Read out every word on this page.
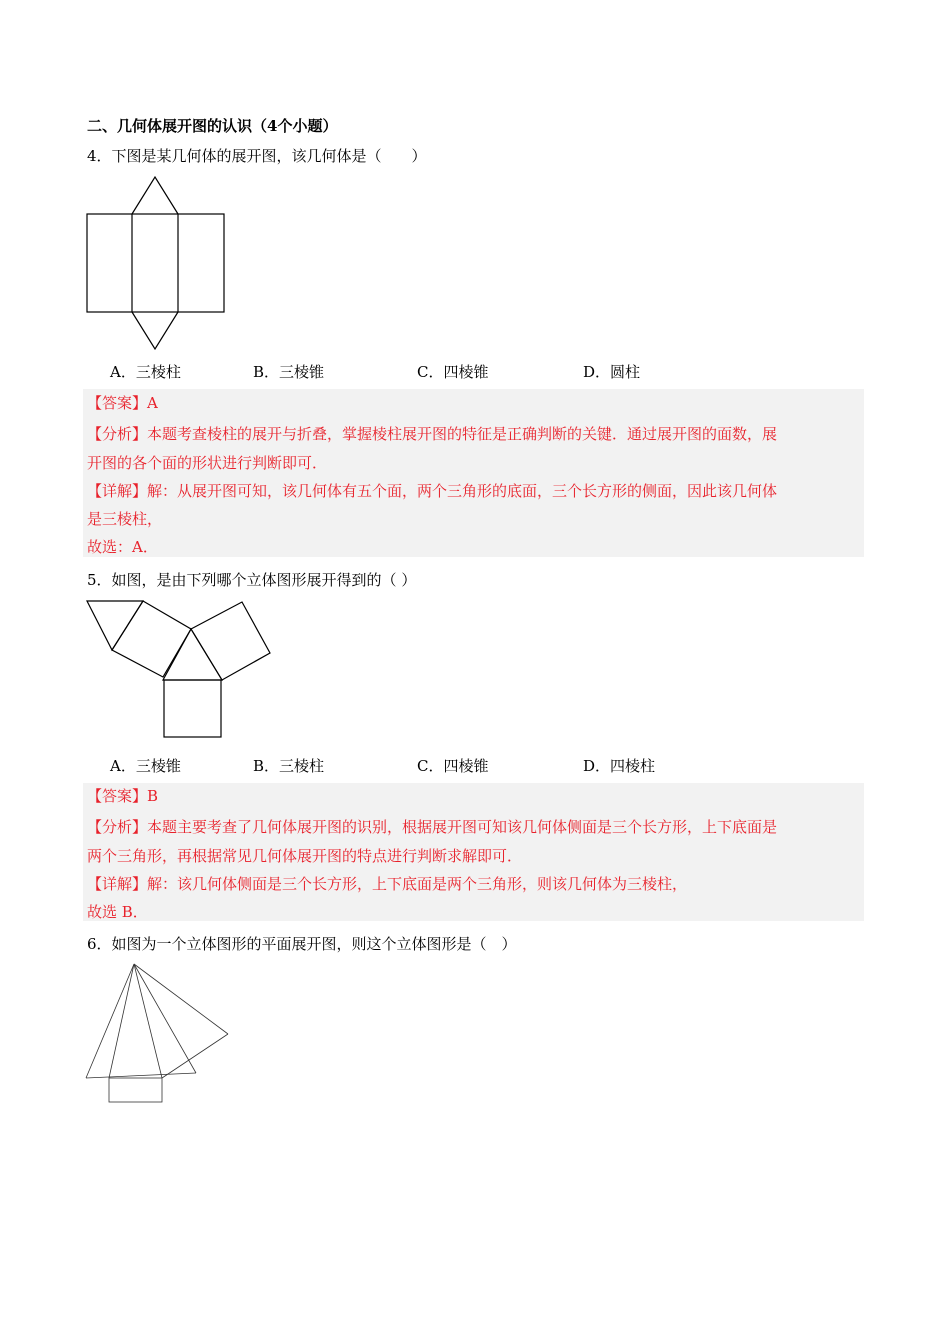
二、几何体展开图的认识（4个小题）
4．下图是某几何体的展开图，该几何体是（　　）
A．三棱柱	B．三棱锥	C．四棱锥	D．圆柱
【答案】A
【分析】本题考查棱柱的展开与折叠，掌握棱柱展开图的特征是正确判断的关键．通过展开图的面数，展
开图的各个面的形状进行判断即可．
【详解】解：从展开图可知，该几何体有五个面，两个三角形的底面，三个长方形的侧面，因此该几何体
是三棱柱，
故选：A．
5．如图，是由下列哪个立体图形展开得到的（ ）
A．三棱锥	B．三棱柱	C．四棱锥	D．四棱柱
【答案】B
【分析】本题主要考查了几何体展开图的识别，根据展开图可知该几何体侧面是三个长方形，上下底面是
两个三角形，再根据常见几何体展开图的特点进行判断求解即可．
【详解】解：该几何体侧面是三个长方形，上下底面是两个三角形，则该几何体为三棱柱，
故选 B．
6．如图为一个立体图形的平面展开图，则这个立体图形是（　）
